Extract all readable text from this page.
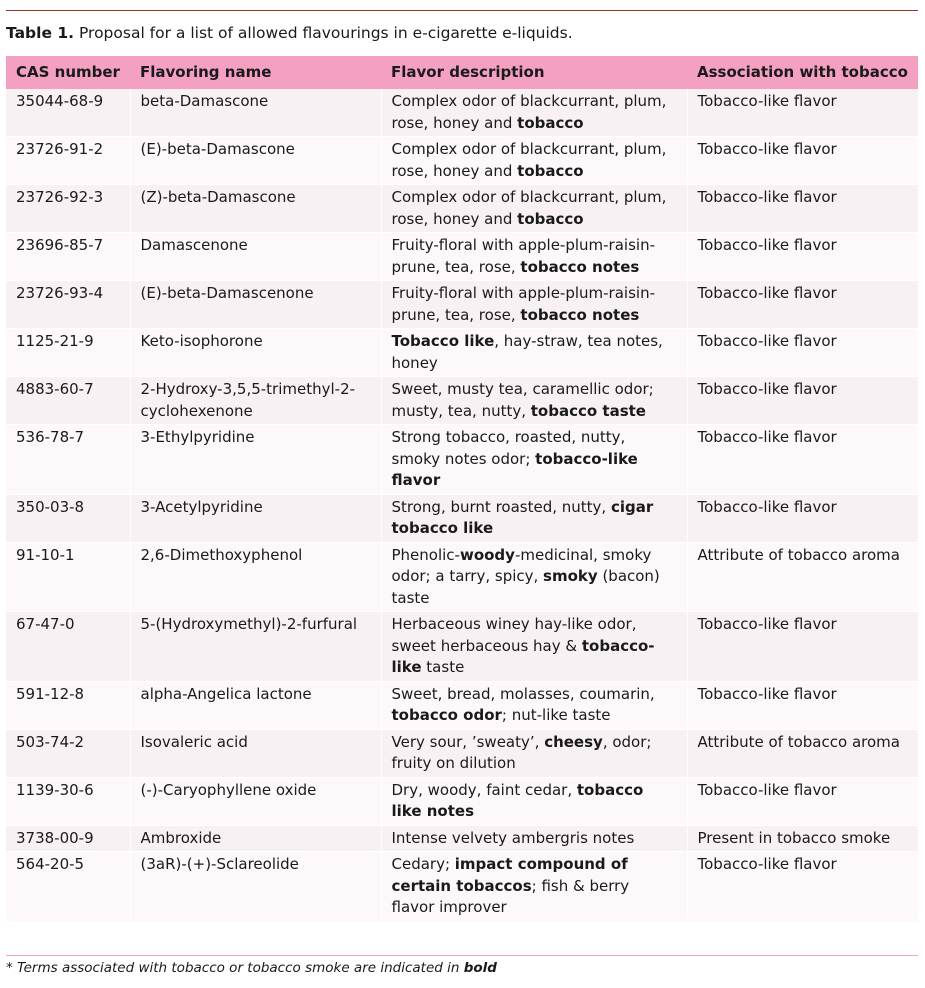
Table 1. Proposal for a list of allowed flavourings in e-cigarette e-liquids.
CAS number	Flavoring name	Flavor description	Association with tobacco
35044-68-9	beta-Damascone	Complex odor of blackcurrant, plum, rose, honey and tobacco	Tobacco-like flavor
23726-91-2	(E)-beta-Damascone	Complex odor of blackcurrant, plum, rose, honey and tobacco	Tobacco-like flavor
23726-92-3	(Z)-beta-Damascone	Complex odor of blackcurrant, plum, rose, honey and tobacco	Tobacco-like flavor
23696-85-7	Damascenone	Fruity-floral with apple-plum-raisin-prune, tea, rose, tobacco notes	Tobacco-like flavor
23726-93-4	(E)-beta-Damascenone	Fruity-floral with apple-plum-raisin-prune, tea, rose, tobacco notes	Tobacco-like flavor
1125-21-9	Keto-isophorone	Tobacco like, hay-straw, tea notes, honey	Tobacco-like flavor
4883-60-7	2-Hydroxy-3,5,5-trimethyl-2-cyclohexenone	Sweet, musty tea, caramellic odor; musty, tea, nutty, tobacco taste	Tobacco-like flavor
536-78-7	3-Ethylpyridine	Strong tobacco, roasted, nutty, smoky notes odor; tobacco-like flavor	Tobacco-like flavor
350-03-8	3-Acetylpyridine	Strong, burnt roasted, nutty, cigar tobacco like	Tobacco-like flavor
91-10-1	2,6-Dimethoxyphenol	Phenolic-woody-medicinal, smoky odor; a tarry, spicy, smoky (bacon) taste	Attribute of tobacco aroma
67-47-0	5-(Hydroxymethyl)-2-furfural	Herbaceous winey hay-like odor, sweet herbaceous hay & tobacco-like taste	Tobacco-like flavor
591-12-8	alpha-Angelica lactone	Sweet, bread, molasses, coumarin, tobacco odor; nut-like taste	Tobacco-like flavor
503-74-2	Isovaleric acid	Very sour, ’sweaty’, cheesy, odor; fruity on dilution	Attribute of tobacco aroma
1139-30-6	(-)-Caryophyllene oxide	Dry, woody, faint cedar, tobacco like notes	Tobacco-like flavor
3738-00-9	Ambroxide	Intense velvety ambergris notes	Present in tobacco smoke
564-20-5	(3aR)-(+)-Sclareolide	Cedary; impact compound of certain tobaccos; fish & berry flavor improver	Tobacco-like flavor
* Terms associated with tobacco or tobacco smoke are indicated in bold
